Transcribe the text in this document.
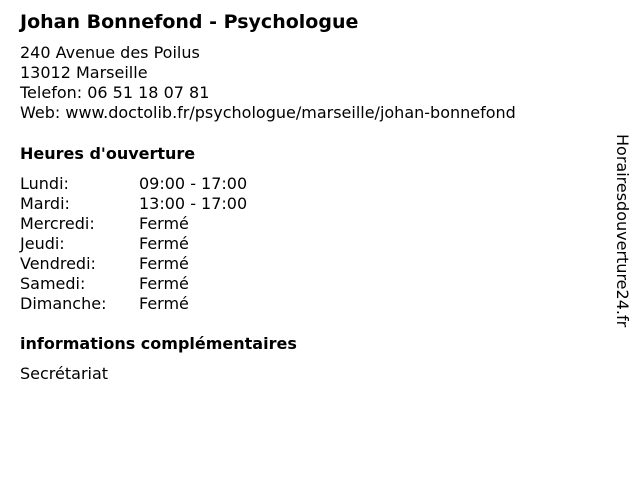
Johan Bonnefond - Psychologue
240 Avenue des Poilus
13012 Marseille
Telefon: 06 51 18 07 81
Web: www.doctolib.fr/psychologue/marseille/johan-bonnefond
Heures d'ouverture
Lundi:	09:00 - 17:00
Mardi:	13:00 - 17:00
Mercredi:	Fermé
Jeudi:	Fermé
Vendredi:	Fermé
Samedi:	Fermé
Dimanche: Fermé
informations complémentaires
Secrétariat
Horairesdouverture24.fr
